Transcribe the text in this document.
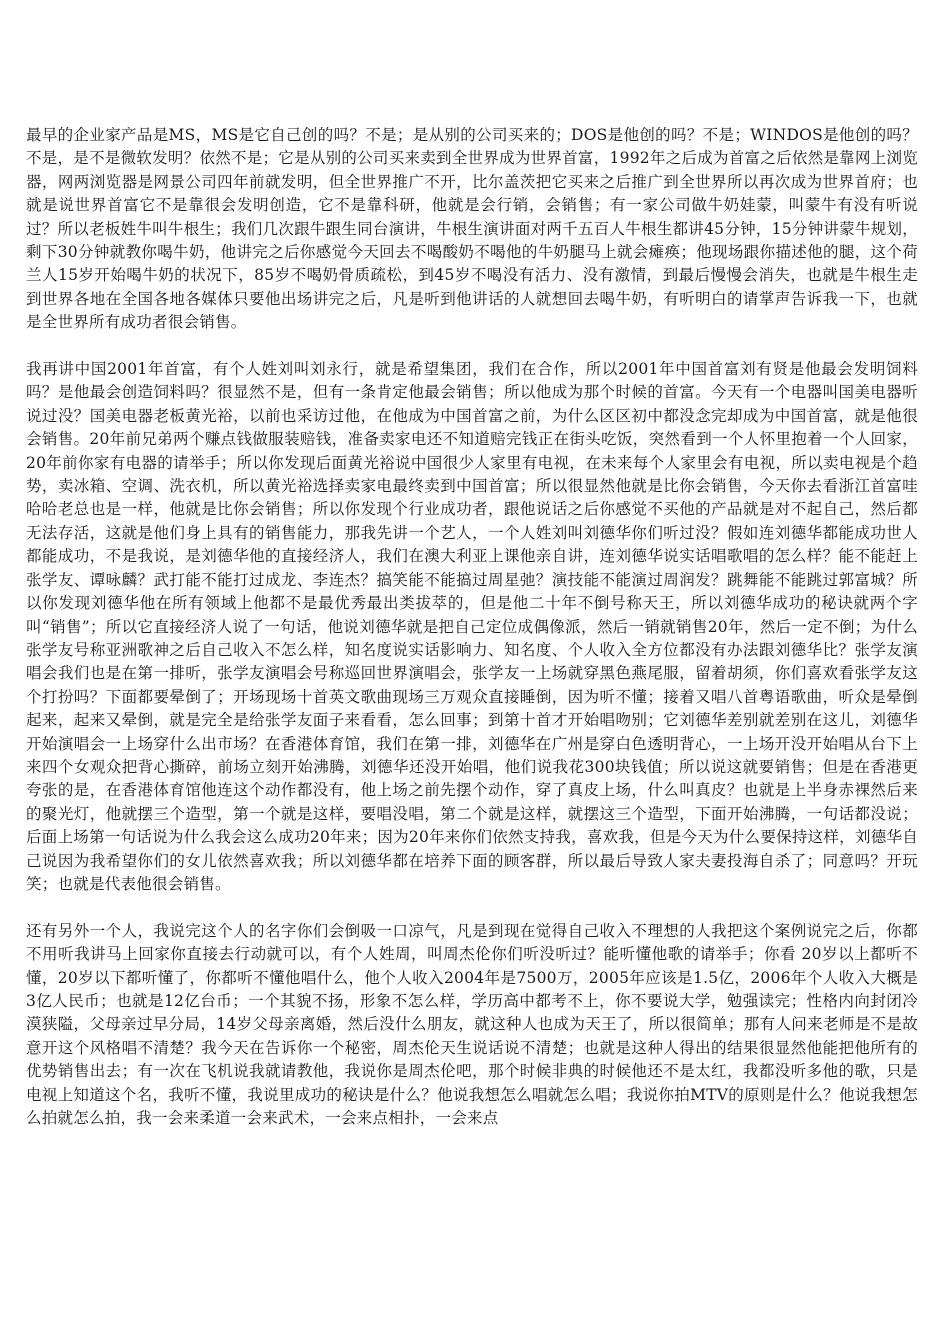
最早的企业家产品是MS，MS是它自己创的吗？不是；是从别的公司买来的；DOS是他创的吗？不是；WINDOS是他创的吗？不是，是不是微软发明？依然不是；它是从别的公司买来卖到全世界成为世界首富，1992年之后成为首富之后依然是靠网上浏览器，网两浏览器是网景公司四年前就发明，但全世界推广不开，比尔盖茨把它买来之后推广到全世界所以再次成为世界首府；也就是说世界首富它不是靠很会发明创造，它不是靠科研，他就是会行销，会销售；有一家公司做牛奶娃蒙，叫蒙牛有没有听说过？所以老板姓牛叫牛根生；我们几次跟牛跟生同台演讲，牛根生演讲面对两千五百人牛根生都讲45分钟，15分钟讲蒙牛规划，剩下30分钟就教你喝牛奶，他讲完之后你感觉今天回去不喝酸奶不喝他的牛奶腿马上就会瘫痪；他现场跟你描述他的腿，这个荷兰人15岁开始喝牛奶的状况下，85岁不喝奶骨质疏松，到45岁不喝没有活力、没有激情，到最后慢慢会消失，也就是牛根生走到世界各地在全国各地各媒体只要他出场讲完之后，凡是听到他讲话的人就想回去喝牛奶，有听明白的请掌声告诉我一下，也就是全世界所有成功者很会销售。

我再讲中国2001年首富，有个人姓刘叫刘永行，就是希望集团，我们在合作，所以2001年中国首富刘有贤是他最会发明饲料吗？是他最会创造饲料吗？很显然不是，但有一条肯定他最会销售；所以他成为那个时候的首富。今天有一个电器叫国美电器听说过没？国美电器老板黄光裕，以前也采访过他，在他成为中国首富之前，为什么区区初中都没念完却成为中国首富，就是他很会销售。20年前兄弟两个赚点钱做服装赔钱，准备卖家电还不知道赔完钱正在街头吃饭，突然看到一个人怀里抱着一个人回家，20年前你家有电器的请举手；所以你发现后面黄光裕说中国很少人家里有电视，在未来每个人家里会有电视，所以卖电视是个趋势，卖冰箱、空调、洗衣机，所以黄光裕选择卖家电最终卖到中国首富；所以很显然他就是比你会销售，今天你去看浙江首富哇哈哈老总也是一样，他就是比你会销售；所以你发现个行业成功者，跟他说话之后你感觉不买他的产品就是对不起自己，然后都无法存活，这就是他们身上具有的销售能力，那我先讲一个艺人，一个人姓刘叫刘德华你们听过没？假如连刘德华都能成功世人都能成功，不是我说，是刘德华他的直接经济人，我们在澳大利亚上课他亲自讲，连刘德华说实话唱歌唱的怎么样？能不能赶上张学友、谭咏麟？武打能不能打过成龙、李连杰？搞笑能不能搞过周星弛？演技能不能演过周润发？跳舞能不能跳过郭富城？所以你发现刘德华他在所有领域上他都不是最优秀最出类拔萃的，但是他二十年不倒号称天王，所以刘德华成功的秘诀就两个字叫“销售”；所以它直接经济人说了一句话，他说刘德华就是把自己定位成偶像派，然后一销就销售20年，然后一定不倒；为什么张学友号称亚洲歌神之后自己收入不怎么样，知名度说实话影响力、知名度、个人收入全方位都没有办法跟刘德华比？张学友演唱会我们也是在第一排听，张学友演唱会号称巡回世界演唱会，张学友一上场就穿黑色燕尾服，留着胡须，你们喜欢看张学友这个打扮吗？下面都要晕倒了；开场现场十首英文歌曲现场三万观众直接睡倒，因为听不懂；接着又唱八首粤语歌曲，听众是晕倒起来，起来又晕倒，就是完全是给张学友面子来看看，怎么回事；到第十首才开始唱吻别；它刘德华差别就差别在这儿，刘德华开始演唱会一上场穿什么出市场？在香港体育馆，我们在第一排，刘德华在广州是穿白色透明背心，一上场开没开始唱从台下上来四个女观众把背心撕碎，前场立刻开始沸腾，刘德华还没开始唱，他们说我花300块钱值；所以说这就要销售；但是在香港更夸张的是，在香港体育馆他连这个动作都没有，他上场之前先摆个动作，穿了真皮上场，什么叫真皮？也就是上半身赤裸然后来的聚光灯，他就摆三个造型，第一个就是这样，要唱没唱，第二个就是这样，就摆这三个造型，下面开始沸腾，一句话都没说；后面上场第一句话说为什么我会这么成功20年来；因为20年来你们依然支持我，喜欢我，但是今天为什么要保持这样，刘德华自己说因为我希望你们的女儿依然喜欢我；所以刘德华都在培养下面的顾客群，所以最后导致人家夫妻投海自杀了；同意吗？开玩笑；也就是代表他很会销售。

还有另外一个人，我说完这个人的名字你们会倒吸一口凉气，凡是到现在觉得自己收入不理想的人我把这个案例说完之后，你都不用听我讲马上回家你直接去行动就可以，有个人姓周，叫周杰伦你们听没听过？能听懂他歌的请举手；你看 20岁以上都听不懂，20岁以下都听懂了，你都听不懂他唱什么，他个人收入2004年是7500万，2005年应该是1.5亿，2006年个人收入大概是3亿人民币；也就是12亿台币；一个其貌不扬，形象不怎么样，学历高中都考不上，你不要说大学，勉强读完；性格内向封闭冷漠狭隘，父母亲过早分局，14岁父母亲离婚，然后没什么朋友，就这种人也成为天王了，所以很简单；那有人问来老师是不是故意开这个风格唱不清楚？我今天在告诉你一个秘密，周杰伦天生说话说不清楚；也就是这种人得出的结果很显然他能把他所有的优势销售出去；有一次在飞机说我就请教他，我说你是周杰伦吧，那个时候非典的时候他还不是太红，我都没听多他的歌，只是电视上知道这个名，我听不懂，我说里成功的秘诀是什么？他说我想怎么唱就怎么唱；我说你拍MTV的原则是什么？他说我想怎么拍就怎么拍，我一会来柔道一会来武术，一会来点相扑，一会来点
